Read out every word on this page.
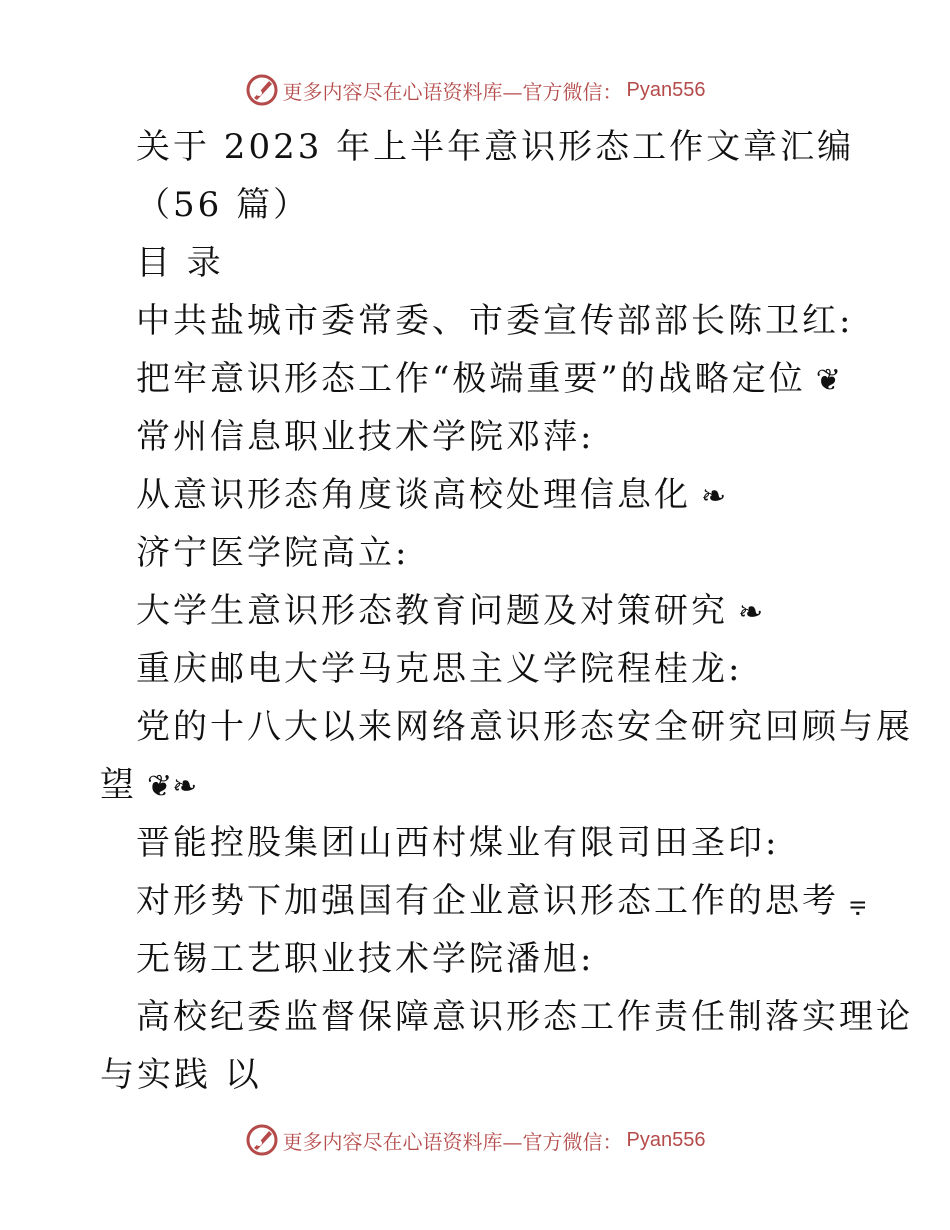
更多内容尽在心语资料库—官方微信： Pyan556
关于 2023 年上半年意识形态工作文章汇编
（56 篇）
目 录
中共盐城市委常委、市委宣传部部长陈卫红:
把牢意识形态工作“极端重要”的战略定位 ❦
常州信息职业技术学院邓萍:
从意识形态角度谈高校处理信息化 ❧
济宁医学院高立:
大学生意识形态教育问题及对策研究 ❧
重庆邮电大学马克思主义学院程桂龙:
党的十八大以来网络意识形态安全研究回顾与展
望 ❦❧
晋能控股集团山西村煤业有限司田圣印:
对形势下加强国有企业意识形态工作的思考 ⩦
无锡工艺职业技术学院潘旭:
高校纪委监督保障意识形态工作责任制落实理论
与实践 以
更多内容尽在心语资料库—官方微信： Pyan556
